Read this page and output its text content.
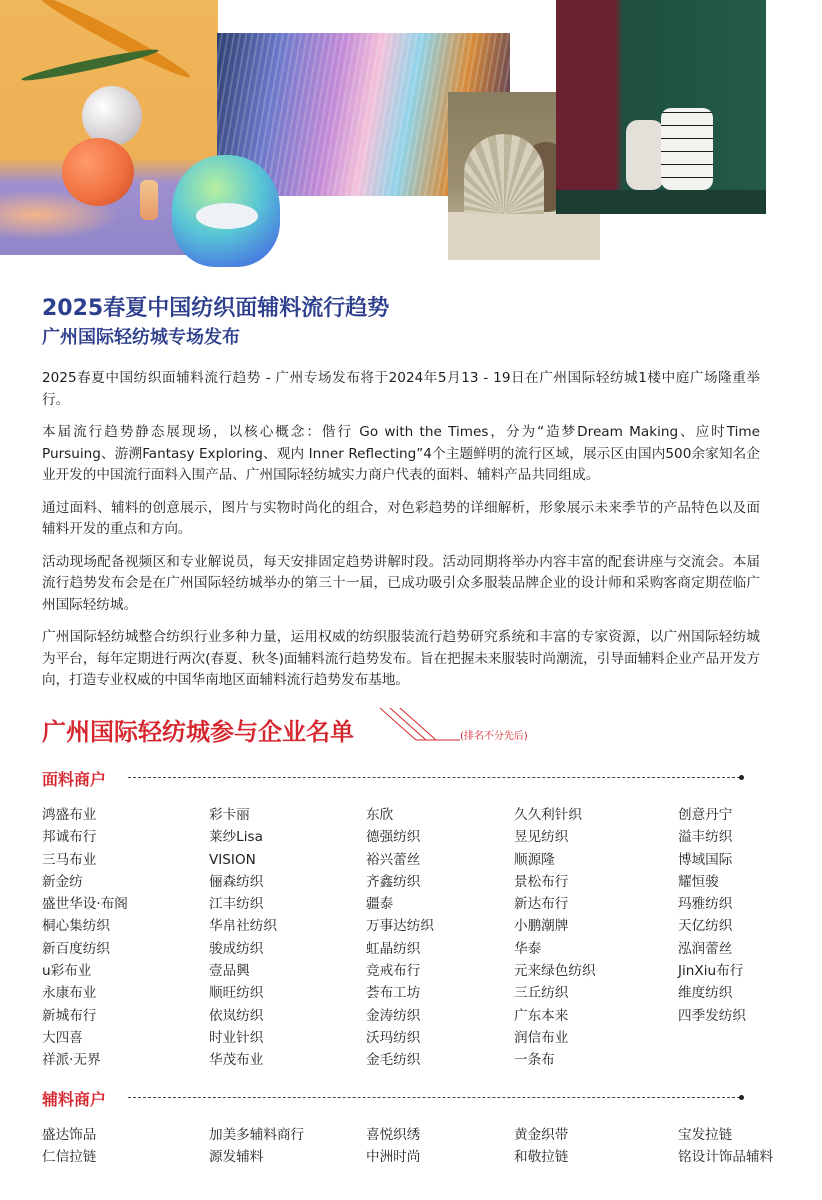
2025春夏中国纺织面辅料流行趋势
广州国际轻纺城专场发布

2025春夏中国纺织面辅料流行趋势 - 广州专场发布将于2024年5月13 - 19日在广州国际轻纺城1楼中庭广场隆重举行。

本届流行趋势静态展现场，以核心概念：偕行 Go with the Times，分为“造梦Dream Making、应时Time Pursuing、游溯Fantasy Exploring、观内 Inner Reflecting”4个主题鲜明的流行区域，展示区由国内500余家知名企业开发的中国流行面料入围产品、广州国际轻纺城实力商户代表的面料、辅料产品共同组成。

通过面料、辅料的创意展示，图片与实物时尚化的组合，对色彩趋势的详细解析，形象展示未来季节的产品特色以及面辅料开发的重点和方向。

活动现场配备视频区和专业解说员，每天安排固定趋势讲解时段。活动同期将举办内容丰富的配套讲座与交流会。本届流行趋势发布会是在广州国际轻纺城举办的第三十一届，已成功吸引众多服装品牌企业的设计师和采购客商定期莅临广州国际轻纺城。

广州国际轻纺城整合纺织行业多种力量，运用权威的纺织服装流行趋势研究系统和丰富的专家资源，以广州国际轻纺城为平台，每年定期进行两次(春夏、秋冬)面辅料流行趋势发布。旨在把握未来服装时尚潮流，引导面辅料企业产品开发方向，打造专业权威的中国华南地区面辅料流行趋势发布基地。

广州国际轻纺城参与企业名单	(排名不分先后)
面料商户
鸿盛布业
邦诚布行
三马布业
新金纺
盛世华设·布阁
桐心集纺织
新百度纺织
u彩布业
永康布业
新城布行
大四喜
祥派·无界
彩卡丽
莱纱Lisa
VISION
俪森纺织
江丰纺织
华帛社纺织
骏成纺织
壹品興
顺旺纺织
依岚纺织
时业针织
华茂布业
东欣
德强纺织
裕兴蕾丝
齐鑫纺织
疆泰
万事达纺织
虹晶纺织
竞戒布行
荟布工坊
金涛纺织
沃玛纺织
金毛纺织
久久利针织
昱见纺织
顺源隆
景松布行
新达布行
小鹏潮牌
华泰
元来绿色纺织
三丘纺织
广东本来
润信布业
一条布
创意丹宁
溢丰纺织
博域国际
耀恒骏
玛雅纺织
天亿纺织
泓润蕾丝
JinXiu布行
维度纺织
四季发纺织
辅料商户
盛达饰品
仁信拉链
加美多辅料商行
源发辅料
喜悦织绣
中洲时尚
黄金织带
和敬拉链
宝发拉链
铭设计饰品辅料
